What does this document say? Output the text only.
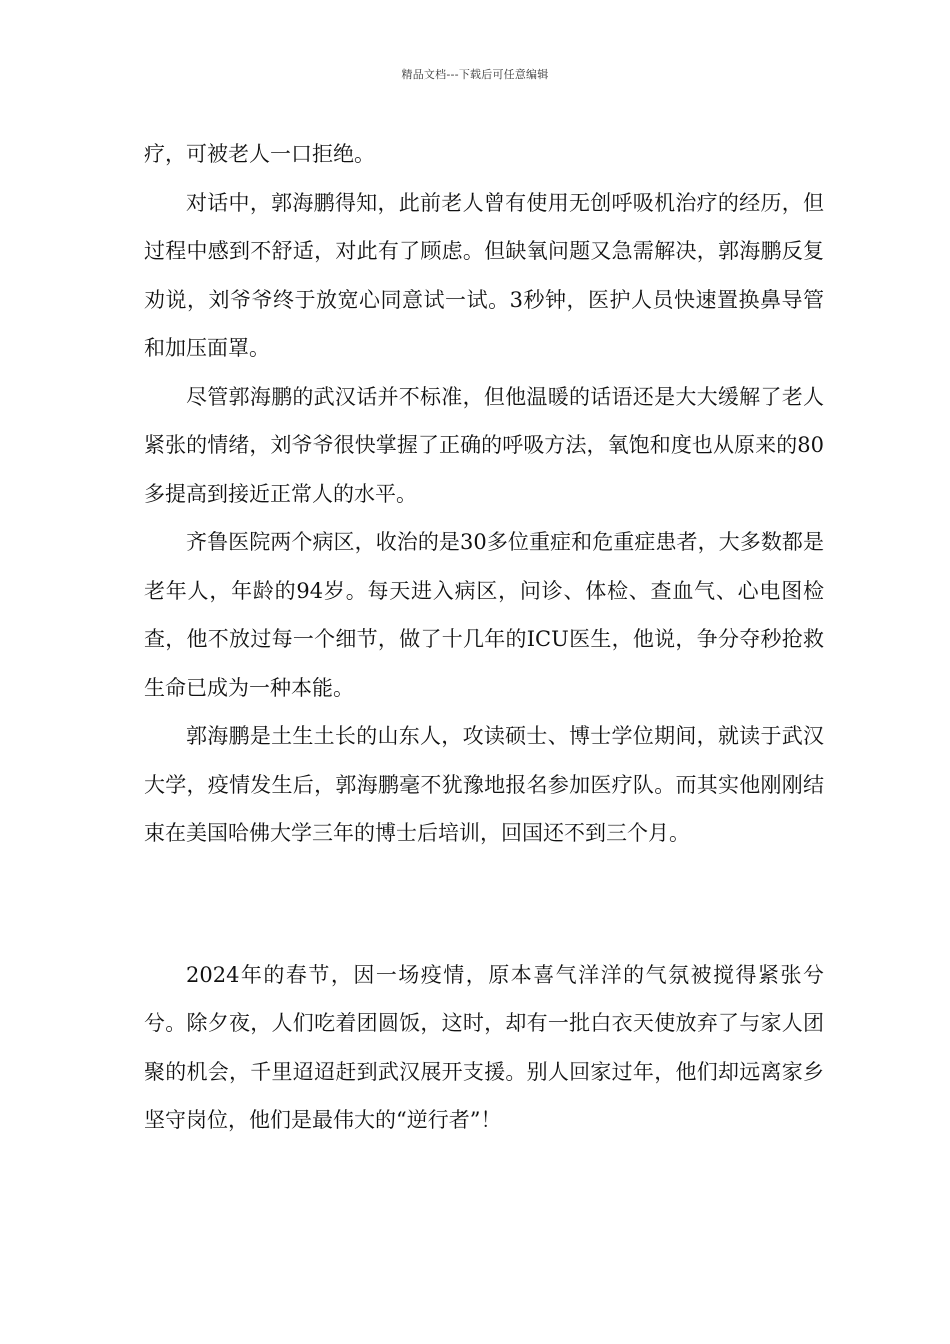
精品文档---下载后可任意编辑

疗，可被老人一口拒绝。

对话中，郭海鹏得知，此前老人曾有使用无创呼吸机治疗的经历，但过程中感到不舒适，对此有了顾虑。但缺氧问题又急需解决，郭海鹏反复劝说，刘爷爷终于放宽心同意试一试。3秒钟，医护人员快速置换鼻导管和加压面罩。

尽管郭海鹏的武汉话并不标准，但他温暖的话语还是大大缓解了老人紧张的情绪，刘爷爷很快掌握了正确的呼吸方法，氧饱和度也从原来的80多提高到接近正常人的水平。

齐鲁医院两个病区，收治的是30多位重症和危重症患者，大多数都是老年人，年龄的94岁。每天进入病区，问诊、体检、查血气、心电图检查，他不放过每一个细节，做了十几年的ICU医生，他说，争分夺秒抢救生命已成为一种本能。

郭海鹏是土生土长的山东人，攻读硕士、博士学位期间，就读于武汉大学，疫情发生后，郭海鹏毫不犹豫地报名参加医疗队。而其实他刚刚结束在美国哈佛大学三年的博士后培训，回国还不到三个月。

2024年的春节，因一场疫情，原本喜气洋洋的气氛被搅得紧张兮兮。除夕夜，人们吃着团圆饭，这时，却有一批白衣天使放弃了与家人团聚的机会，千里迢迢赶到武汉展开支援。别人回家过年，他们却远离家乡坚守岗位，他们是最伟大的“逆行者”！
